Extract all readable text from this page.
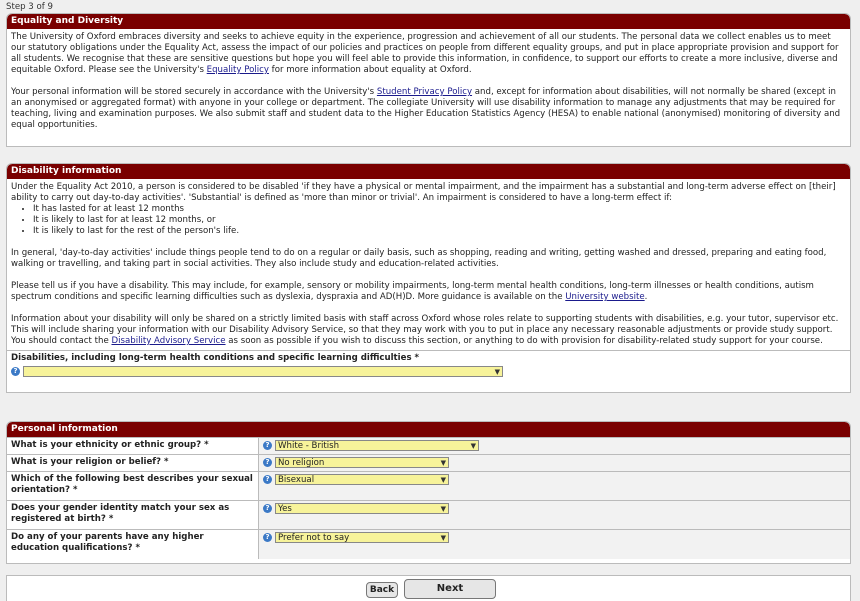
Step 3 of 9
Equality and Diversity

The University of Oxford embraces diversity and seeks to achieve equity in the experience, progression and achievement of all our students. The personal data we collect enables us to meet our statutory obligations under the Equality Act, assess the impact of our policies and practices on people from different equality groups, and put in place appropriate provision and support for all students. We recognise that these are sensitive questions but hope you will feel able to provide this information, in confidence, to support our efforts to create a more inclusive, diverse and equitable Oxford. Please see the University's Equality Policy for more information about equality at Oxford.

Your personal information will be stored securely in accordance with the University's Student Privacy Policy and, except for information about disabilities, will not normally be shared (except in an anonymised or aggregated format) with anyone in your college or department. The collegiate University will use disability information to manage any adjustments that may be required for teaching, living and examination purposes. We also submit staff and student data to the Higher Education Statistics Agency (HESA) to enable national (anonymised) monitoring of diversity and equal opportunities.

Disability information

Under the Equality Act 2010, a person is considered to be disabled 'if they have a physical or mental impairment, and the impairment has a substantial and long-term adverse effect on [their] ability to carry out day-to-day activities'. 'Substantial' is defined as 'more than minor or trivial'. An impairment is considered to have a long-term effect if:

• It has lasted for at least 12 months
• It is likely to last for at least 12 months, or
• It is likely to last for the rest of the person's life.

In general, 'day-to-day activities' include things people tend to do on a regular or daily basis, such as shopping, reading and writing, getting washed and dressed, preparing and eating food, walking or travelling, and taking part in social activities. They also include study and education-related activities.

Please tell us if you have a disability. This may include, for example, sensory or mobility impairments, long-term mental health conditions, long-term illnesses or health conditions, autism spectrum conditions and specific learning difficulties such as dyslexia, dyspraxia and AD(H)D. More guidance is available on the University website.

Information about your disability will only be shared on a strictly limited basis with staff across Oxford whose roles relate to supporting students with disabilities, e.g. your tutor, supervisor etc. This will include sharing your information with our Disability Advisory Service, so that they may work with you to put in place any necessary reasonable adjustments or provide study support. You should contact the Disability Advisory Service as soon as possible if you wish to discuss this section, or anything to do with provision for disability-related study support for your course.

Disabilities, including long-term health conditions and specific learning difficulties *
?	▼
Personal information
What is your ethnicity or ethnic group? *	? White - British ▼

What is your religion or belief? *	? No religion ▼

Which of the following best describes your sexual orientation? *	? Bisexual ▼

Does your gender identity match your sex as registered at birth? *	? Yes ▼

Do any of your parents have any higher education qualifications? *	? Prefer not to say ▼
Back	Next
